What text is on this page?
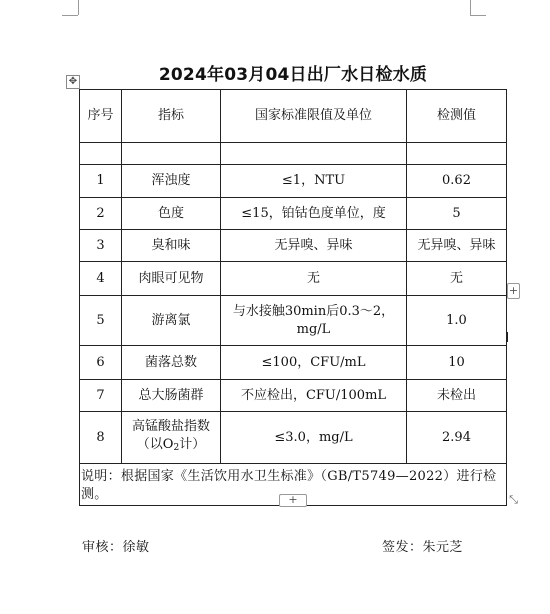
✥	2024年03月04日出厂水日检水质
序号	指标	国家标准限值及单位	检测值

1	浑浊度	≤1，NTU	0.62
2	色度	≤15，铂钴色度单位，度	5
3	臭和味	无异嗅、异味	无异嗅、异味
4	肉眼可见物	无	无
5	游离氯	与水接触30min后0.3～2，
mg/L	1.0
6	菌落总数	≤100，CFU/mL	10
7	总大肠菌群	不应检出，CFU/100mL	未检出
8	高锰酸盐指数
（以$O_2$计）	≤3.0，mg/L	2.94
说明：根据国家《生活饮用水卫生标准》（GB/T5749—2022）进行检测。			
+
+	⤡
审核：徐敏	签发：朱元芝
